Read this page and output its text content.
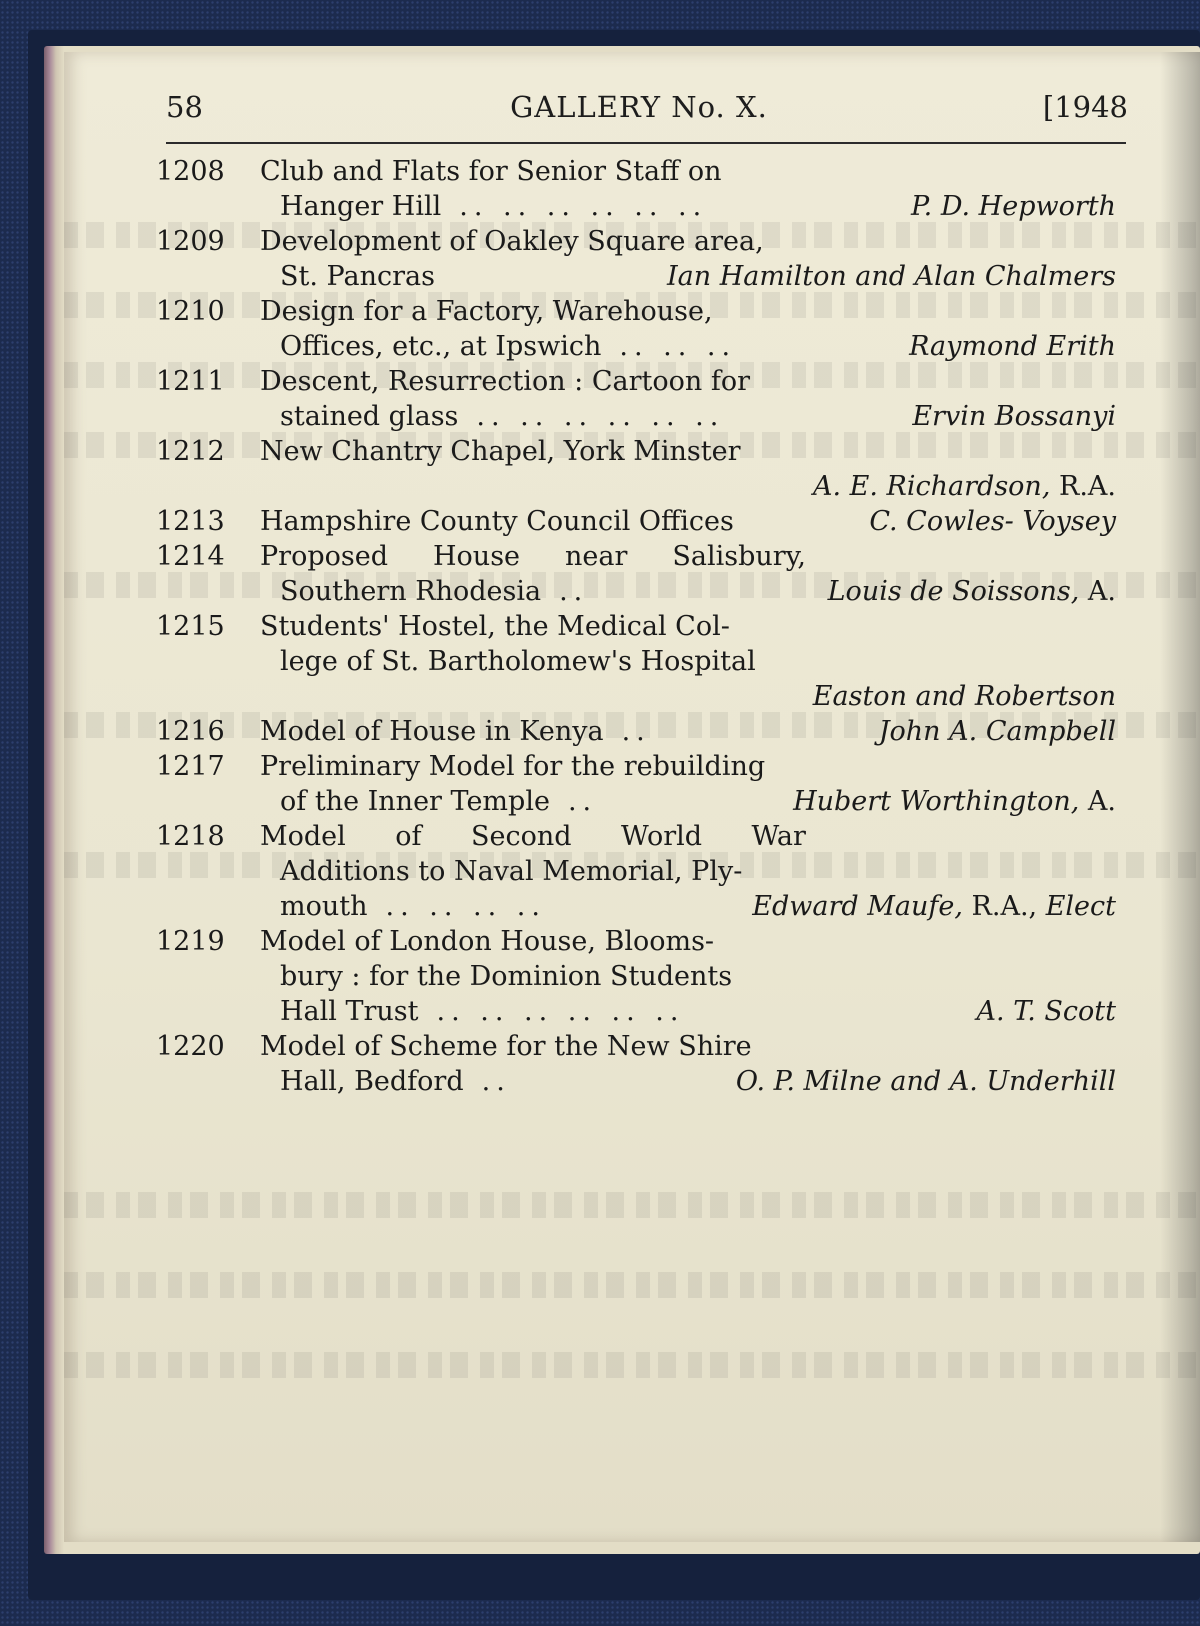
58	GALLERY No. X.	[1948
1208	Club and Flats for Senior Staff on
Hanger Hill .. .. .. .. .. ..	P. D. Hepworth
1209	Development of Oakley Square area,
St. Pancras	Ian Hamilton and Alan Chalmers
1210	Design for a Factory, Warehouse,
Offices, etc., at Ipswich .. .. ..	Raymond Erith
1211	Descent, Resurrection : Cartoon for
stained glass .. .. .. .. .. ..	Ervin Bossanyi
1212	New Chantry Chapel, York Minster
A. E. Richardson, R.A.
1213	Hampshire County Council Offices	C. Cowles- Voysey
1214	Proposed House near Salisbury,
Southern Rhodesia ..	Louis de Soissons, A.
1215	Students' Hostel, the Medical Col-
lege of St. Bartholomew's Hospital
Easton and Robertson
1216	Model of House in Kenya ..	John A. Campbell
1217	Preliminary Model for the rebuilding
of the Inner Temple ..	Hubert Worthington, A.
1218	Model of Second World War
Additions to Naval Memorial, Ply-
mouth .. .. .. ..	Edward Maufe, R.A., Elect
1219	Model of London House, Blooms-
bury : for the Dominion Students
Hall Trust .. .. .. .. .. ..	A. T. Scott
1220	Model of Scheme for the New Shire
Hall, Bedford ..	O. P. Milne and A. Underhill
